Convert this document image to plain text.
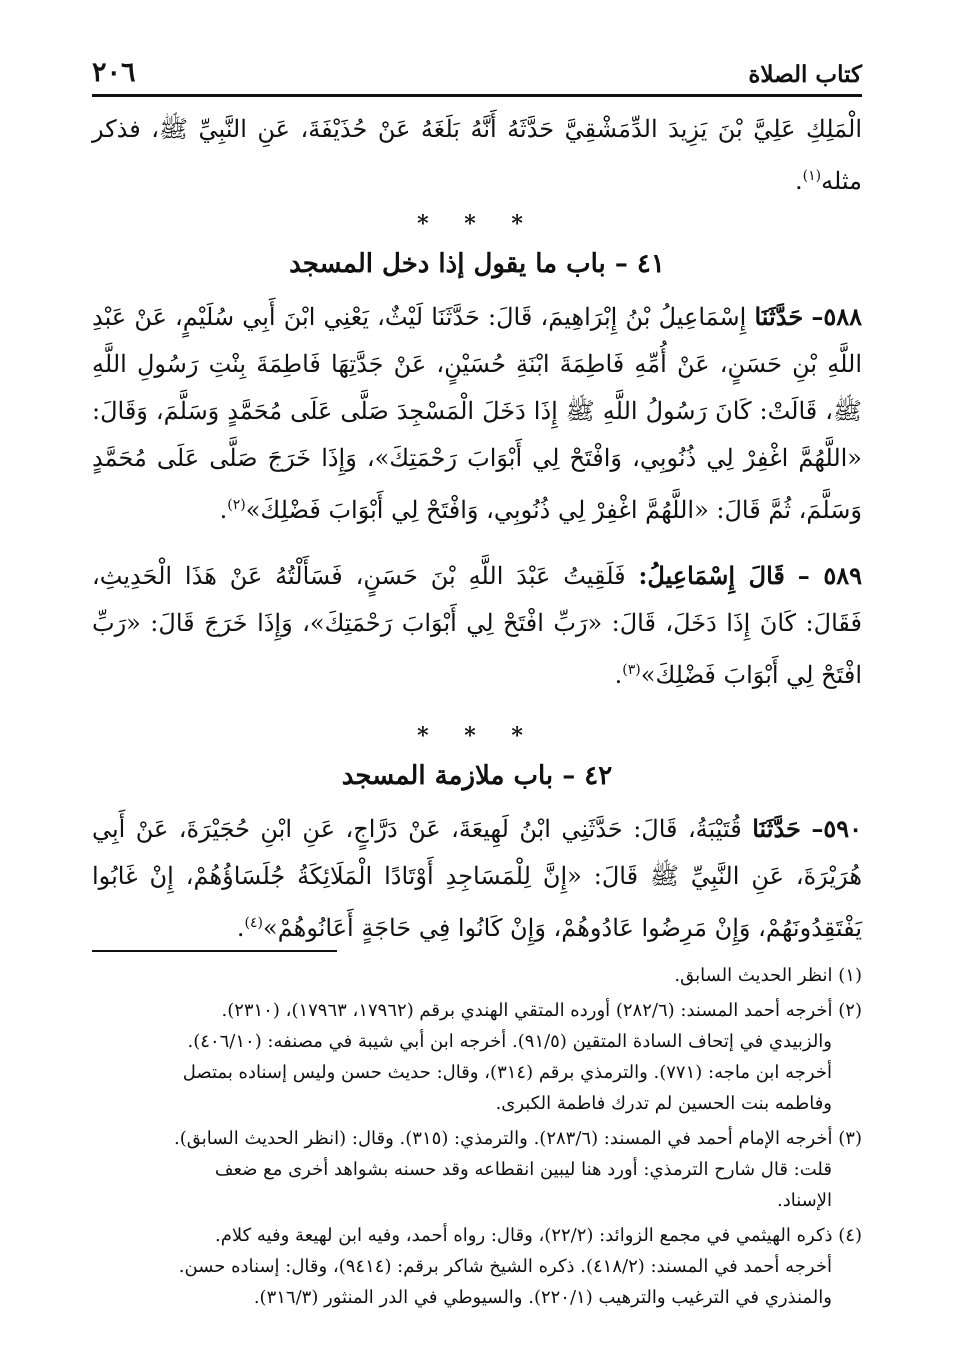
كتاب الصلاة
٢٠٦

الْمَلِكِ عَلِيَّ بْنَ يَزِيدَ الدِّمَشْقِيَّ حَدَّثَهُ أَنَّهُ بَلَغَهُ عَنْ حُذَيْفَةَ، عَنِ النَّبِيِّ ﷺ، فذكر مثله$^{(١)}$.

* * *
٤١ – باب ما يقول إذا دخل المسجد

٥٨٨– حَدَّثَنَا إِسْمَاعِيلُ بْنُ إِبْرَاهِيمَ، قَالَ: حَدَّثَنَا لَيْثٌ، يَعْنِي ابْنَ أَبِي سُلَيْمٍ، عَنْ عَبْدِ اللَّهِ بْنِ حَسَنٍ، عَنْ أُمِّهِ فَاطِمَةَ ابْنَةِ حُسَيْنٍ، عَنْ جَدَّتِهَا فَاطِمَةَ بِنْتِ رَسُولِ اللَّهِ ﷺ، قَالَتْ: كَانَ رَسُولُ اللَّهِ ﷺ إِذَا دَخَلَ الْمَسْجِدَ صَلَّى عَلَى مُحَمَّدٍ وَسَلَّمَ، وَقَالَ: «اللَّهُمَّ اغْفِرْ لِي ذُنُوبِي، وَافْتَحْ لِي أَبْوَابَ رَحْمَتِكَ»، وَإِذَا خَرَجَ صَلَّى عَلَى مُحَمَّدٍ وَسَلَّمَ، ثُمَّ قَالَ: «اللَّهُمَّ اغْفِرْ لِي ذُنُوبِي، وَافْتَحْ لِي أَبْوَابَ فَضْلِكَ»$^{(٢)}$.

٥٨٩ – قَالَ إِسْمَاعِيلُ: فَلَقِيتُ عَبْدَ اللَّهِ بْنَ حَسَنٍ، فَسَأَلْتُهُ عَنْ هَذَا الْحَدِيثِ، فَقَالَ: كَانَ إِذَا دَخَلَ، قَالَ: «رَبِّ افْتَحْ لِي أَبْوَابَ رَحْمَتِكَ»، وَإِذَا خَرَجَ قَالَ: «رَبِّ افْتَحْ لِي أَبْوَابَ فَضْلِكَ»$^{(٣)}$.

* * *
٤٢ – باب ملازمة المسجد

٥٩٠– حَدَّثَنَا قُتَيْبَةُ، قَالَ: حَدَّثَنِي ابْنُ لَهِيعَةَ، عَنْ دَرَّاجٍ، عَنِ ابْنِ حُجَيْرَةَ، عَنْ أَبِي هُرَيْرَةَ، عَنِ النَّبِيِّ ﷺ قَالَ: «إِنَّ لِلْمَسَاجِدِ أَوْتَادًا الْمَلَائِكَةُ جُلَسَاؤُهُمْ، إِنْ غَابُوا يَفْتَقِدُونَهُمْ، وَإِنْ مَرِضُوا عَادُوهُمْ، وَإِنْ كَانُوا فِي حَاجَةٍ أَعَانُوهُمْ»$^{(٤)}$.

(١) انظر الحديث السابق.
(٢) أخرجه أحمد المسند: (٢٨٢/٦) أورده المتقي الهندي برقم (١٧٩٦٢، ١٧٩٦٣)، (٢٣١٠).
والزبيدي في إتحاف السادة المتقين (٩١/٥). أخرجه ابن أبي شيبة في مصنفه: (٤٠٦/١٠).
أخرجه ابن ماجه: (٧٧١). والترمذي برقم (٣١٤)، وقال: حديث حسن وليس إسناده بمتصل
وفاطمه بنت الحسين لم تدرك فاطمة الكبرى.
(٣) أخرجه الإمام أحمد في المسند: (٢٨٣/٦). والترمذي: (٣١٥). وقال: (انظر الحديث السابق).
قلت: قال شارح الترمذي: أورد هنا ليبين انقطاعه وقد حسنه بشواهد أخرى مع ضعف
الإسناد.
(٤) ذكره الهيثمي في مجمع الزوائد: (٢٢/٢)، وقال: رواه أحمد، وفيه ابن لهيعة وفيه كلام.
أخرجه أحمد في المسند: (٤١٨/٢). ذكره الشيخ شاكر برقم: (٩٤١٤)، وقال: إسناده حسن.
والمنذري في الترغيب والترهيب (٢٢٠/١). والسيوطي في الدر المنثور (٣١٦/٣).
